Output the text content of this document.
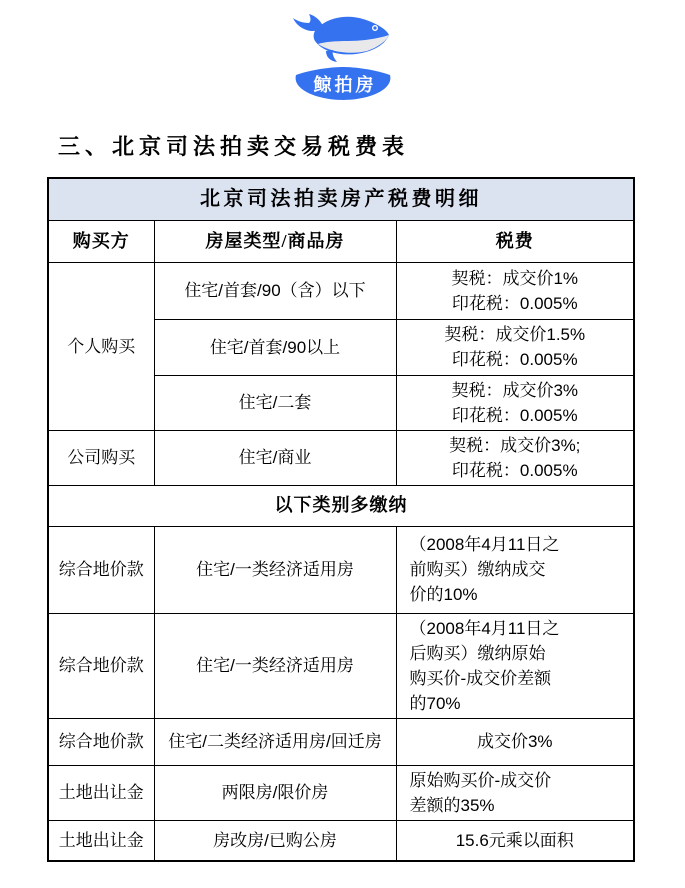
鲸拍房
三、北京司法拍卖交易税费表
北京司法拍卖房产税费明细		
购买方	房屋类型/商品房	税费
个人购买	住宅/首套/90（含）以下	契税：成交价1%
印花税：0.005%

	住宅/首套/90以上	契税：成交价1.5%
印花税：0.005%

	住宅/二套	契税：成交价3%
印花税：0.005%

公司购买	住宅/商业	契税：成交价3%;
印花税：0.005%

以下类别多缴纳		
综合地价款	住宅/一类经济适用房	（2008年4月11日之
前购买）缴纳成交
价的10%

综合地价款	住宅/一类经济适用房	（2008年4月11日之
后购买）缴纳原始
购买价-成交价差额
的70%

综合地价款	住宅/二类经济适用房/回迁房	成交价3%
土地出让金	两限房/限价房	原始购买价-成交价
差额的35%

土地出让金	房改房/已购公房	15.6元乘以面积
